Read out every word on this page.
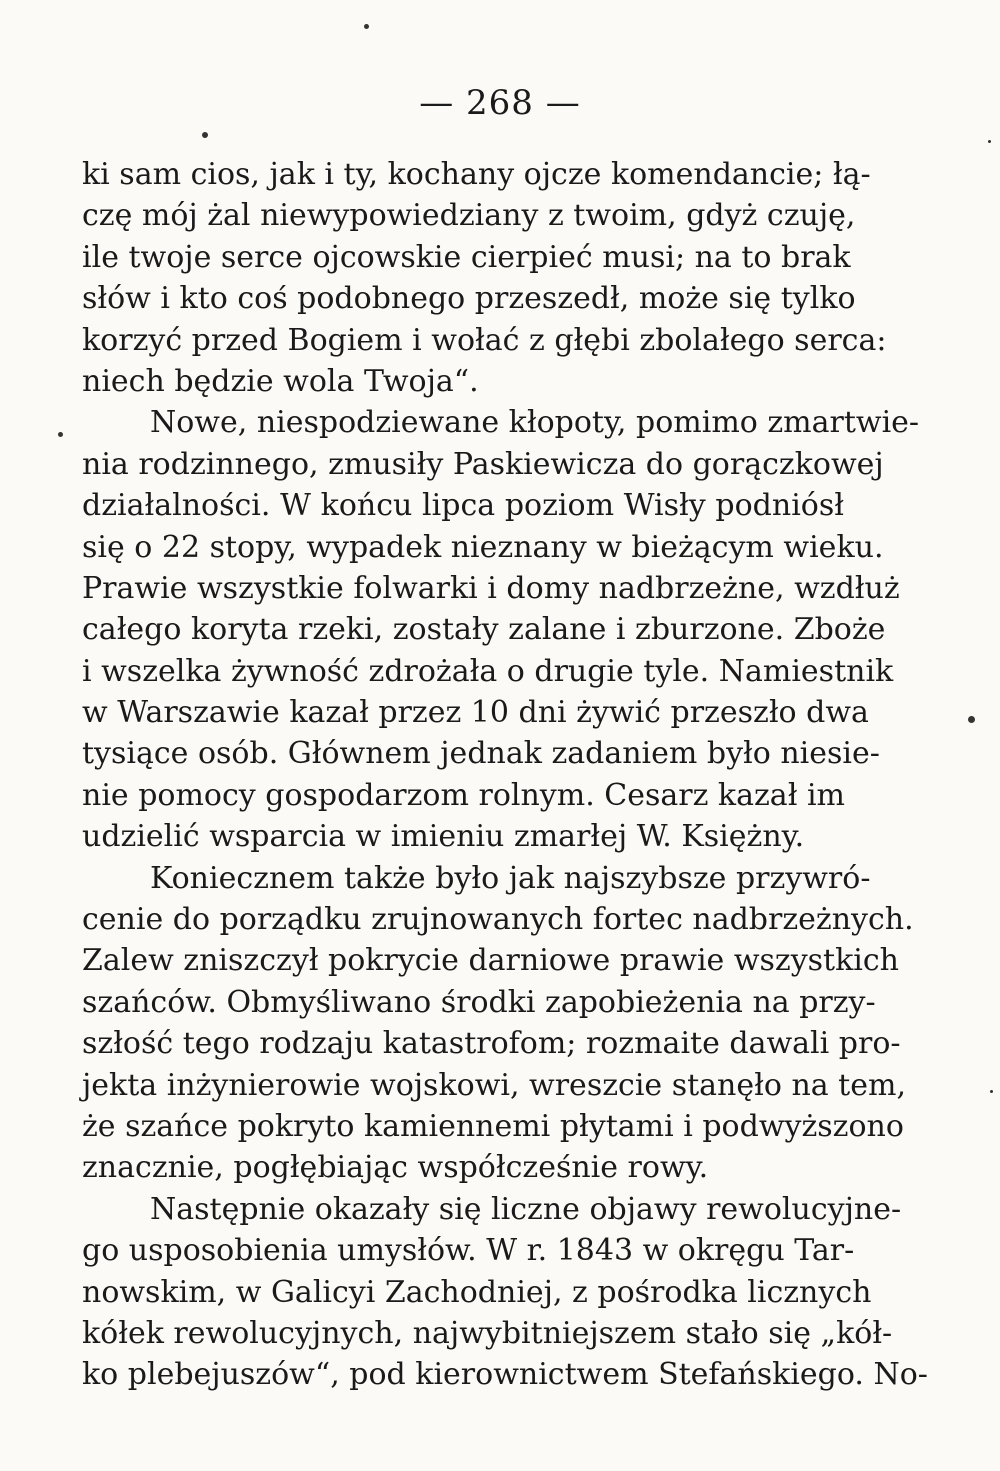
— 268 —
ki sam cios, jak i ty, kochany ojcze komendancie; łą-
czę mój żal niewypowiedziany z twoim, gdyż czuję,
ile twoje serce ojcowskie cierpieć musi; na to brak
słów i kto coś podobnego przeszedł, może się tylko
korzyć przed Bogiem i wołać z głębi zbolałego serca:
niech będzie wola Twoja“.
Nowe, niespodziewane kłopoty, pomimo zmartwie-
nia rodzinnego, zmusiły Paskiewicza do gorączkowej
działalności. W końcu lipca poziom Wisły podniósł
się o 22 stopy, wypadek nieznany w bieżącym wieku.
Prawie wszystkie folwarki i domy nadbrzeżne, wzdłuż
całego koryta rzeki, zostały zalane i zburzone. Zboże
i wszelka żywność zdrożała o drugie tyle. Namiestnik
w Warszawie kazał przez 10 dni żywić przeszło dwa
tysiące osób. Głównem jednak zadaniem było niesie-
nie pomocy gospodarzom rolnym. Cesarz kazał im
udzielić wsparcia w imieniu zmarłej W. Księżny.
Koniecznem także było jak najszybsze przywró-
cenie do porządku zrujnowanych fortec nadbrzeżnych.
Zalew zniszczył pokrycie darniowe prawie wszystkich
szańców. Obmyśliwano środki zapobieżenia na przy-
szłość tego rodzaju katastrofom; rozmaite dawali pro-
jekta inżynierowie wojskowi, wreszcie stanęło na tem,
że szańce pokryto kamiennemi płytami i podwyższono
znacznie, pogłębiając współcześnie rowy.
Następnie okazały się liczne objawy rewolucyjne-
go usposobienia umysłów. W r. 1843 w okręgu Tar-
nowskim, w Galicyi Zachodniej, z pośrodka licznych
kółek rewolucyjnych, najwybitniejszem stało się „kół-
ko plebejuszów“, pod kierownictwem Stefańskiego. No-
